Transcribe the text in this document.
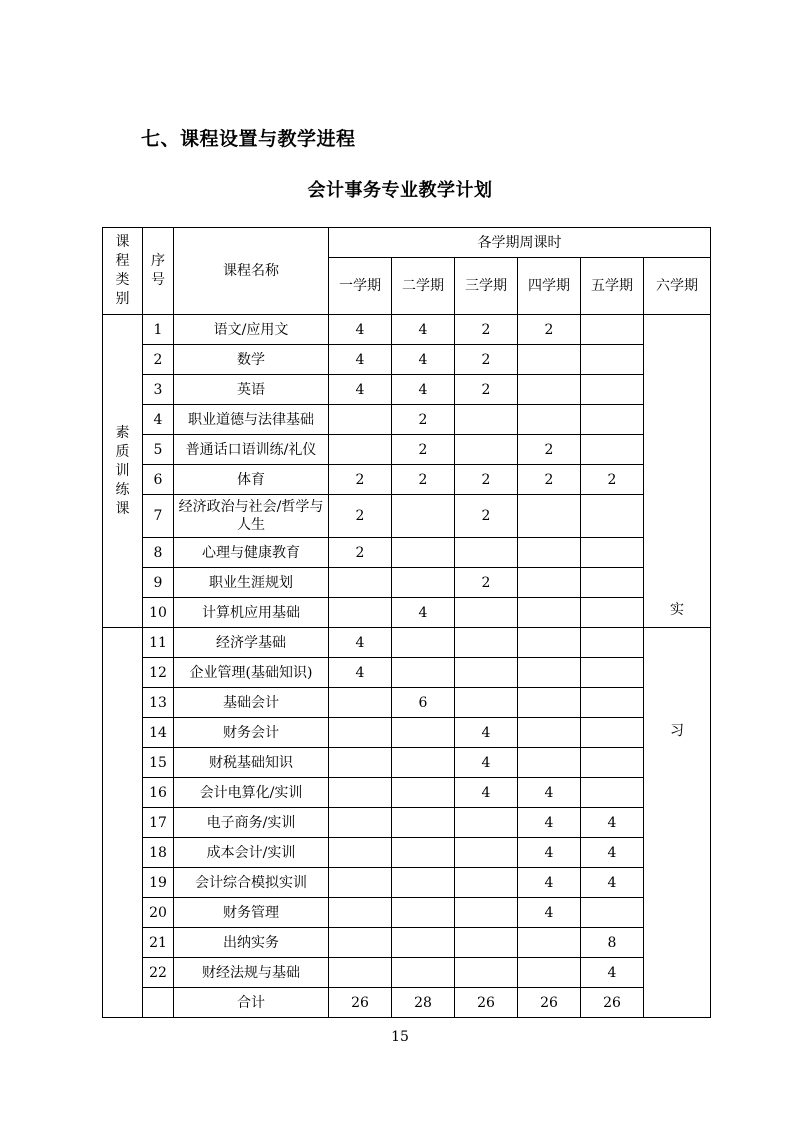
七、课程设置与教学进程
会计事务专业教学计划
课程类别	序号	课程名称	各学期周课时					
			一学期	二学期	三学期	四学期	五学期	六学期
素质训练课	1	语文/应用文	4	4	2	2		实
	2	数学	4	4	2			
	3	英语	4	4	2			
	4	职业道德与法律基础		2				
	5	普通话口语训练/礼仪		2		2		
	6	体育	2	2	2	2	2	
	7	经济政治与社会/哲学与人生	2		2			
	8	心理与健康教育	2					
	9	职业生涯规划			2			
	10	计算机应用基础		4				
	11	经济学基础	4					习
	12	企业管理(基础知识)	4					
	13	基础会计		6				
	14	财务会计			4			
	15	财税基础知识			4			
	16	会计电算化/实训			4	4		
	17	电子商务/实训				4	4	
	18	成本会计/实训				4	4	
	19	会计综合模拟实训				4	4	
	20	财务管理				4		
	21	出纳实务					8	
	22	财经法规与基础					4	
		合计	26	28	26	26	26	
15
